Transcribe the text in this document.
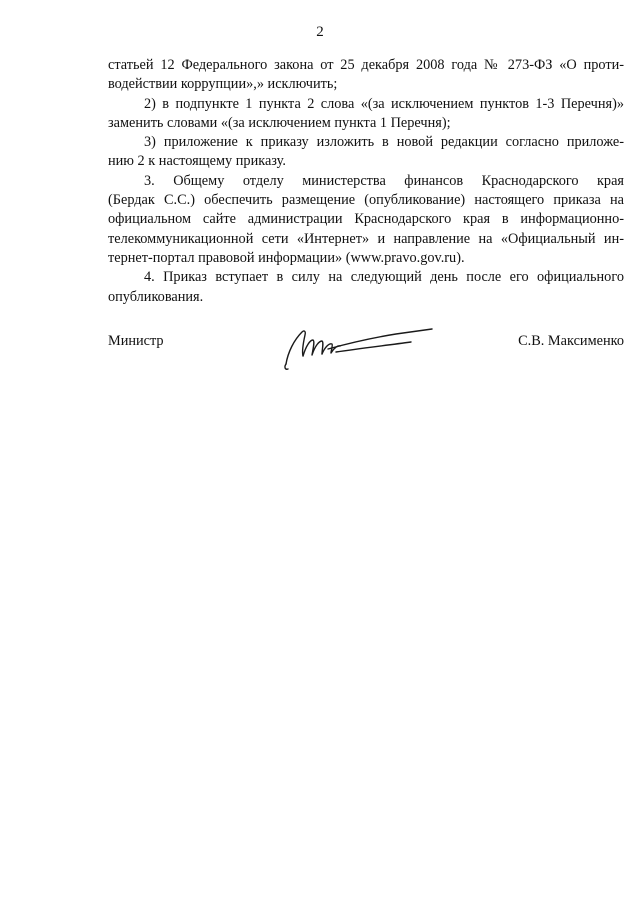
2
статьей 12 Федерального закона от 25 декабря 2008 года № 273-ФЗ «О проти-
водействии коррупции»,» исключить;
2) в подпункте 1 пункта 2 слова «(за исключением пунктов 1-3 Перечня)»
заменить словами «(за исключением пункта 1 Перечня);
3) приложение к приказу изложить в новой редакции согласно приложе-
нию 2 к настоящему приказу.
3. Общему отделу министерства финансов Краснодарского края
(Бердак С.С.) обеспечить размещение (опубликование) настоящего приказа на
официальном сайте администрации Краснодарского края в информационно-
телекоммуникационной сети «Интернет» и направление на «Официальный ин-
тернет-портал правовой информации» (www.pravo.gov.ru).
4. Приказ вступает в силу на следующий день после его официального
опубликования.
Министр	С.В. Максименко
